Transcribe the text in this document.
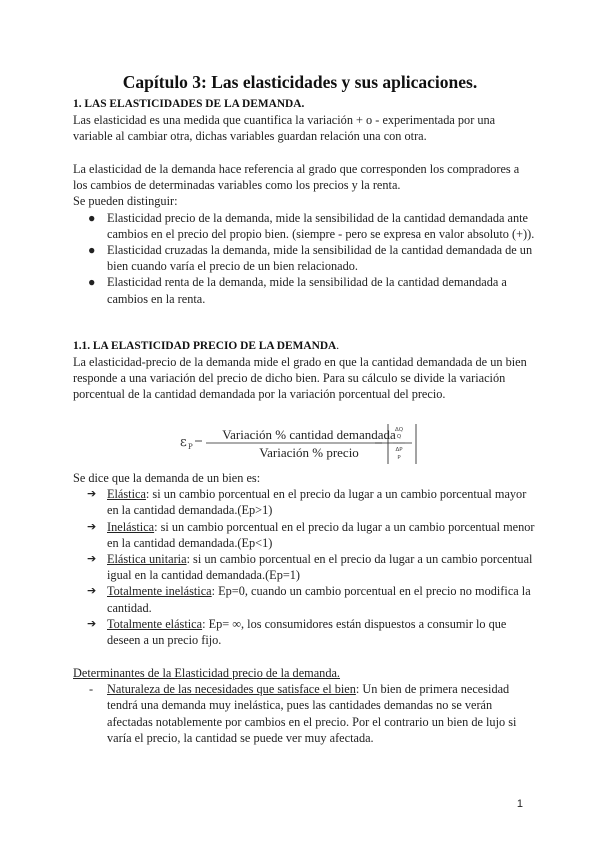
Capítulo 3: Las elasticidades y sus aplicaciones.

1. LAS ELASTICIDADES DE LA DEMANDA.

Las elasticidad es una medida que cuantifica la variación + o - experimentada por una variable al cambiar otra, dichas variables guardan relación una con otra.

La elasticidad de la demanda hace referencia al grado que corresponden los compradores a los cambios de determinadas variables como los precios y la renta.

Se pueden distinguir:

● Elasticidad precio de la demanda, mide la sensibilidad de la cantidad demandada ante cambios en el precio del propio bien. (siempre - pero se expresa en valor absoluto (+)).
● Elasticidad cruzadas la demanda, mide la sensibilidad de la cantidad demandada de un bien cuando varía el precio de un bien relacionado.
● Elasticidad renta de la demanda, mide la sensibilidad de la cantidad demandada a cambios en la renta.

1.1. LA ELASTICIDAD PRECIO DE LA DEMANDA.

La elasticidad-precio de la demanda mide el grado en que la cantidad demandada de un bien responde a una variación del precio de dicho bien. Para su cálculo se divide la variación porcentual de la cantidad demandada por la variación porcentual del precio.

ε P
Variación % cantidad demandada
Variación % precio
ΔQ
Q
ΔP
P

Se dice que la demanda de un bien es:

➔ Elástica: si un cambio porcentual en el precio da lugar a un cambio porcentual mayor en la cantidad demandada.(Ep>1)
➔ Inelástica: si un cambio porcentual en el precio da lugar a un cambio porcentual menor en la cantidad demandada.(Ep<1)
➔ Elástica unitaria: si un cambio porcentual en el precio da lugar a un cambio porcentual igual en la cantidad demandada.(Ep=1)
➔ Totalmente inelástica: Ep=0, cuando un cambio porcentual en el precio no modifica la cantidad.
➔ Totalmente elástica: Ep= ∞, los consumidores están dispuestos a consumir lo que deseen a un precio fijo.

Determinantes de la Elasticidad precio de la demanda.

- Naturaleza de las necesidades que satisface el bien: Un bien de primera necesidad tendrá una demanda muy inelástica, pues las cantidades demandas no se verán afectadas notablemente por cambios en el precio. Por el contrario un bien de lujo si varía el precio, la cantidad se puede ver muy afectada.
1
